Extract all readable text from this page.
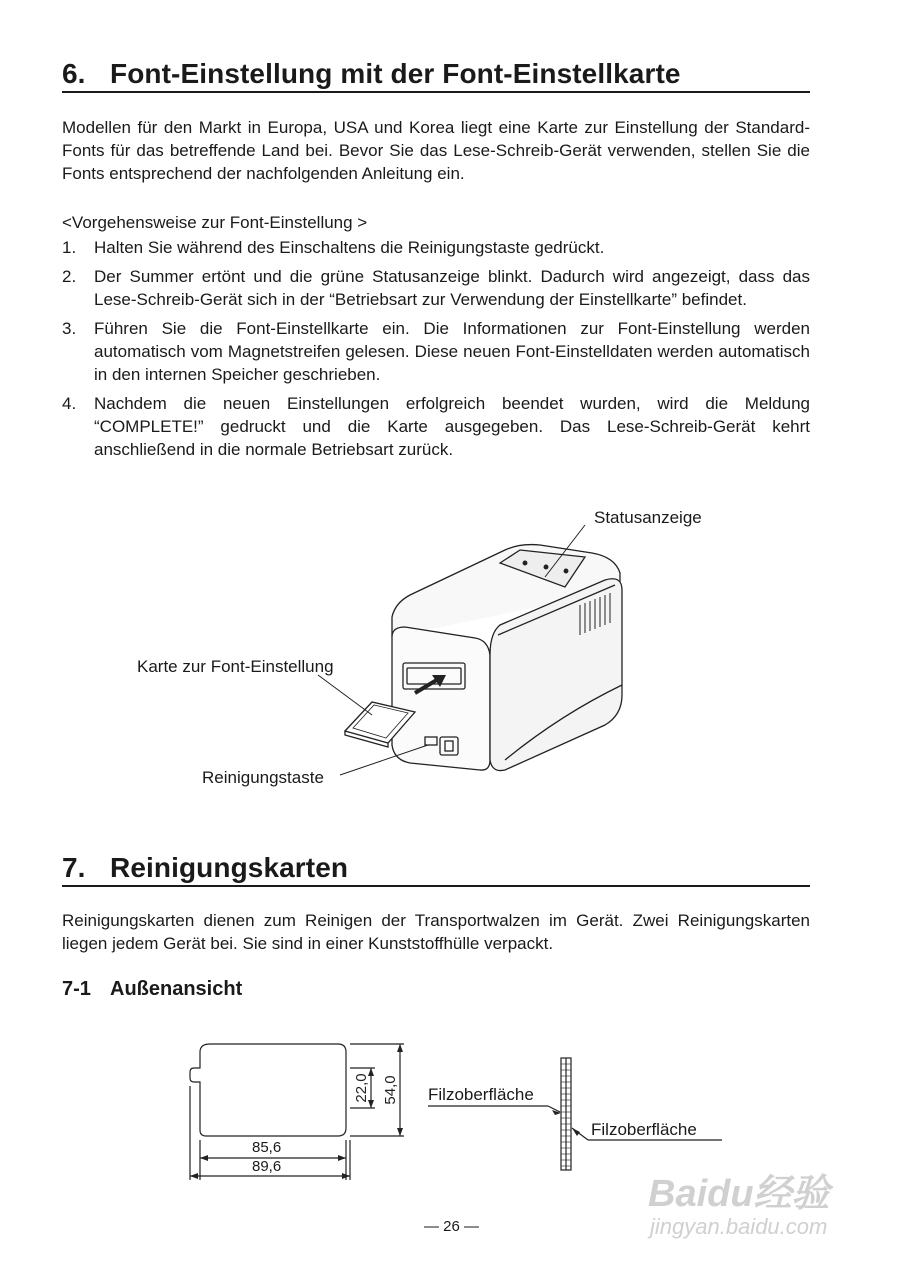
6. Font-Einstellung mit der Font-Einstellkarte
Modellen für den Markt in Europa, USA und Korea liegt eine Karte zur Einstellung der Standard-Fonts für das betreffende Land bei. Bevor Sie das Lese-Schreib-Gerät verwenden, stellen Sie die Fonts entsprechend der nachfolgenden Anleitung ein.
<Vorgehensweise zur Font-Einstellung >
1. Halten Sie während des Einschaltens die Reinigungstaste gedrückt.
2. Der Summer ertönt und die grüne Statusanzeige blinkt. Dadurch wird angezeigt, dass das Lese-Schreib-Gerät sich in der “Betriebsart zur Verwendung der Einstellkarte” befindet.
3. Führen Sie die Font-Einstellkarte ein. Die Informationen zur Font-Einstellung werden automatisch vom Magnetstreifen gelesen. Diese neuen Font-Einstelldaten werden automatisch in den internen Speicher geschrieben.
4. Nachdem die neuen Einstellungen erfolgreich beendet wurden, wird die Meldung “COMPLETE!” gedruckt und die Karte ausgegeben. Das Lese-Schreib-Gerät kehrt anschließend in die normale Betriebsart zurück.
Statusanzeige
Karte zur Font-Einstellung
Reinigungstaste
7. Reinigungskarten
Reinigungskarten dienen zum Reinigen der Transportwalzen im Gerät. Zwei Reinigungskarten liegen jedem Gerät bei. Sie sind in einer Kunststoffhülle verpackt.
7-1 Außenansicht
22,0 54,0
85,6
89,6
Filzoberfläche
Filzoberfläche
— 26 —
Baidu经验
jingyan.baidu.com
